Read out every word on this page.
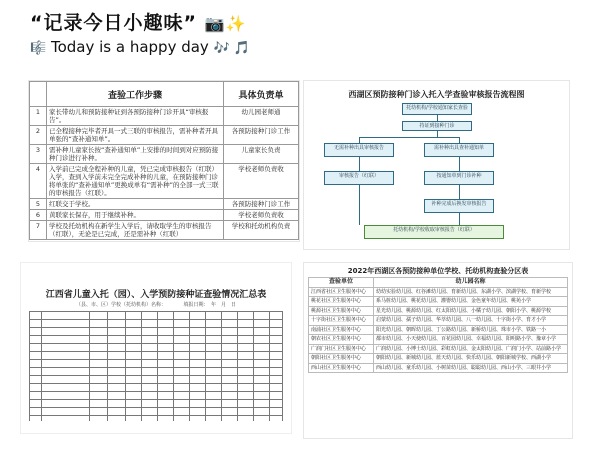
“记录今日小趣味” 📷✨
🎼 Today is a happy day 🎶 🎵
	查验工作步骤	具体负责单
1	家长带幼儿和预防接种证到各预防接种门诊开具“审核报告”。	幼儿园老师通
2	已全程接种完毕者开具一式三联的审核报告，需补种者开具单张的“查补通知单”。	各预防接种门诊工作
3	需补种儿童家长按“查补通知单”上安排的时间到对应预防接种门诊进行补种。	儿童家长负责
4	入学前已完成全程补种的儿童，凭已完成审核报告（红联）入学，查到入学前未完全完成补种的儿童，在预防接种门诊将单张的“查补通知单”更换成单有“需补种”的全部一式三联的审核报告（红联）。	学校老师负责收
5	红联交于学校。	各预防接种门诊工作
6	黄联家长保存，用于继续补种。	学校老师负责收
7	学校及托幼机构在新学生入学后，请收取学生的审核报告（红联），无论是已完成，还是需补种（红联）	学校和托幼机构负责
西湖区预防接种门诊入托入学查验审核报告流程图
托幼机构/学校通知家长查验
持证到接种门诊
无需补种出具审核报告	需补种出具查补通知单
审核报告（红联）	按通知单到门诊补种
补种完成后换发审核报告
托幼机构/学校收取审核报告（红联）
江西省儿童入托（园）、入学预防接种证查验情况汇总表
（县、市、区）学校（托幼机构）名称：　　　　填报日期：　年　月　日
2022年西湖区各预防接种单位学校、托幼机构查验分区表
查验单位	幼儿园名称
江西省社区卫生服务中心	幼幼实验幼儿园、红谷滩幼儿园、育新幼儿园、东湖小学、滨湖学校、育新学校
桃花社区卫生服务中心	系马桩幼儿园、桃花幼儿园、灌婴幼儿园、金色童年幼儿园、桃苑小学
桃源社区卫生服务中心	星光幼儿园、桃源幼儿园、红太阳幼儿园、小橘子幼儿园、朝阳小学、桃源学校
十字街社区卫生服务中心	启蒙幼儿园、孺子幼儿园、华萃幼儿园、八一幼儿园、十字街小学、育才小学
南浦社区卫生服务中心	阳光幼儿园、朝晖幼儿园、丁公路幼儿园、新桥幼儿园、珠市小学、铁路一小
朝农社区卫生服务中心	都市幼儿园、小天使幼儿园、百花园幼儿园、幸福幼儿园、阳明路小学、豫章小学
广润门社区卫生服务中心	广润幼儿园、小博士幼儿园、彩虹幼儿园、金太阳幼儿园、广润门小学、站前路小学
朝阳社区卫生服务中心	朝阳幼儿园、新城幼儿园、蓝天幼儿园、快乐幼儿园、朝阳新城学校、西湖小学
西山社区卫生服务中心	西山幼儿园、童乐幼儿园、小树苗幼儿园、聪聪幼儿园、西山小学、三眼井小学
